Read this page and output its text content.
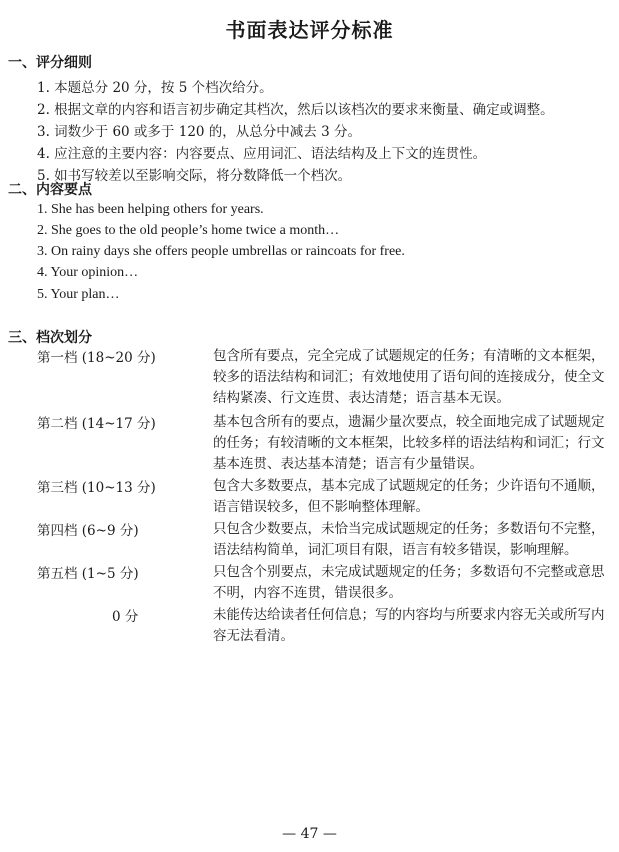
书面表达评分标准
一、评分细则
1. 本题总分 20 分，按 5 个档次给分。
2. 根据文章的内容和语言初步确定其档次，然后以该档次的要求来衡量、确定或调整。
3. 词数少于 60 或多于 120 的，从总分中减去 3 分。
4. 应注意的主要内容：内容要点、应用词汇、语法结构及上下文的连贯性。
5. 如书写较差以至影响交际，将分数降低一个档次。
二、内容要点
1. She has been helping others for years.
2. She goes to the old people’s home twice a month…
3. On rainy days she offers people umbrellas or raincoats for free.
4. Your opinion…
5. Your plan…
三、档次划分
第一档 (18~20 分)	包含所有要点，完全完成了试题规定的任务；有清晰的文本框架，较多的语法结构和词汇；有效地使用了语句间的连接成分，使全文结构紧凑、行文连贯、表达清楚；语言基本无误。
第二档 (14~17 分)	基本包含所有的要点，遗漏少量次要点，较全面地完成了试题规定的任务；有较清晰的文本框架，比较多样的语法结构和词汇；行文基本连贯、表达基本清楚；语言有少量错误。
第三档 (10~13 分)	包含大多数要点，基本完成了试题规定的任务；少许语句不通顺，语言错误较多，但不影响整体理解。
第四档 (6~9 分)	只包含少数要点，未恰当完成试题规定的任务；多数语句不完整，语法结构简单，词汇项目有限，语言有较多错误，影响理解。
第五档 (1~5 分)	只包含个别要点，未完成试题规定的任务；多数语句不完整或意思不明，内容不连贯，错误很多。
0 分	未能传达给读者任何信息；写的内容均与所要求内容无关或所写内容无法看清。
— 47 —
